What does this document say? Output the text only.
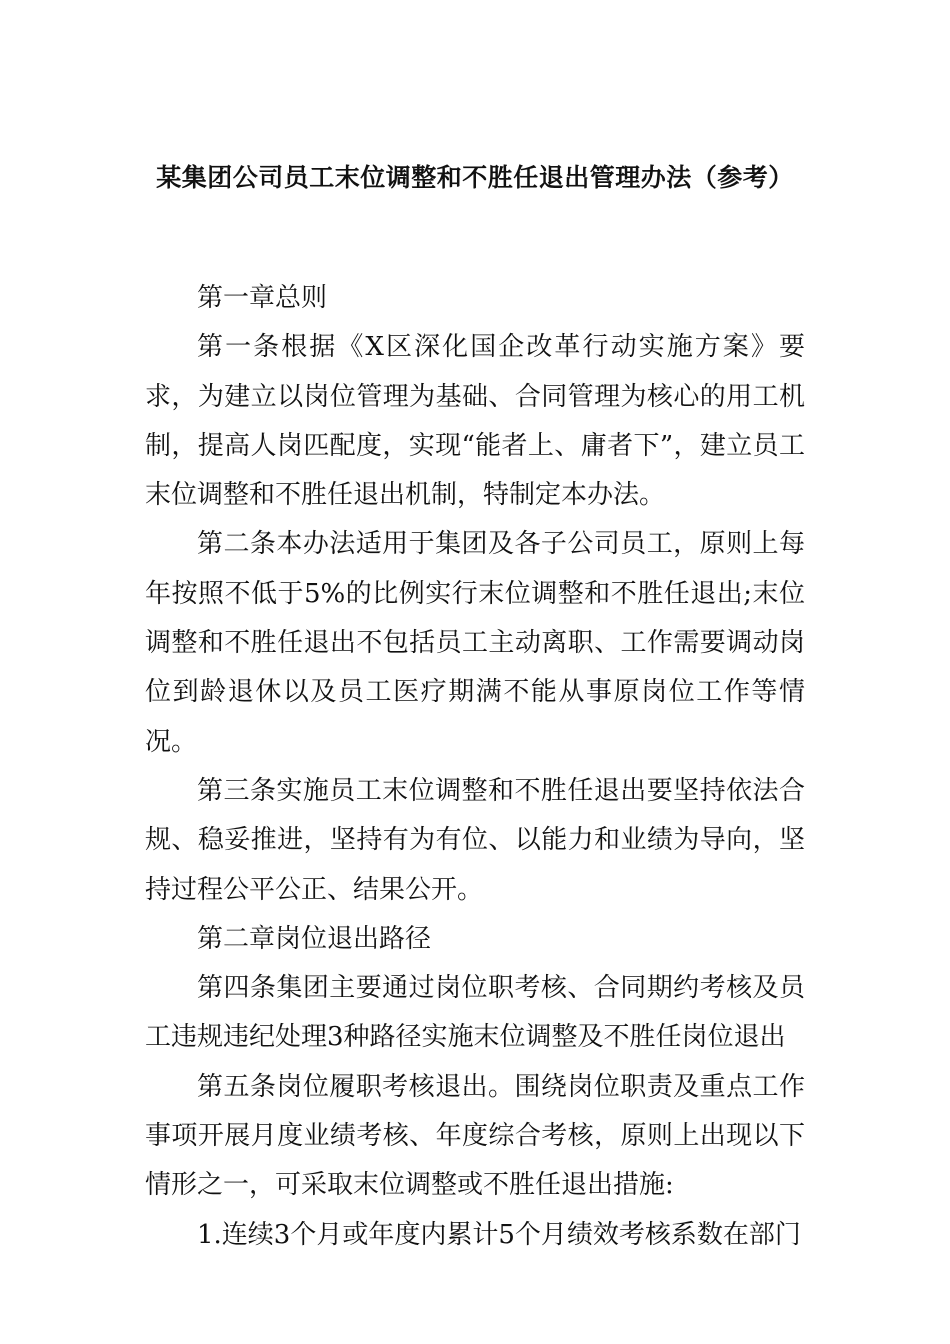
某集团公司员工末位调整和不胜任退出管理办法（参考）

第一章总则

第一条根据《X区深化国企改革行动实施方案》要求，为建立以岗位管理为基础、合同管理为核心的用工机制，提高人岗匹配度，实现“能者上、庸者下”，建立员工末位调整和不胜任退出机制，特制定本办法。

第二条本办法适用于集团及各子公司员工，原则上每年按照不低于5%的比例实行末位调整和不胜任退出;末位调整和不胜任退出不包括员工主动离职、工作需要调动岗位到龄退休以及员工医疗期满不能从事原岗位工作等情况。

第三条实施员工末位调整和不胜任退出要坚持依法合规、稳妥推进，坚持有为有位、以能力和业绩为导向，坚持过程公平公正、结果公开。

第二章岗位退出路径

第四条集团主要通过岗位职考核、合同期约考核及员工违规违纪处理3种路径实施末位调整及不胜任岗位退出

第五条岗位履职考核退出。围绕岗位职责及重点工作事项开展月度业绩考核、年度综合考核，原则上出现以下情形之一，可采取末位调整或不胜任退出措施:

1.连续3个月或年度内累计5个月绩效考核系数在部门
